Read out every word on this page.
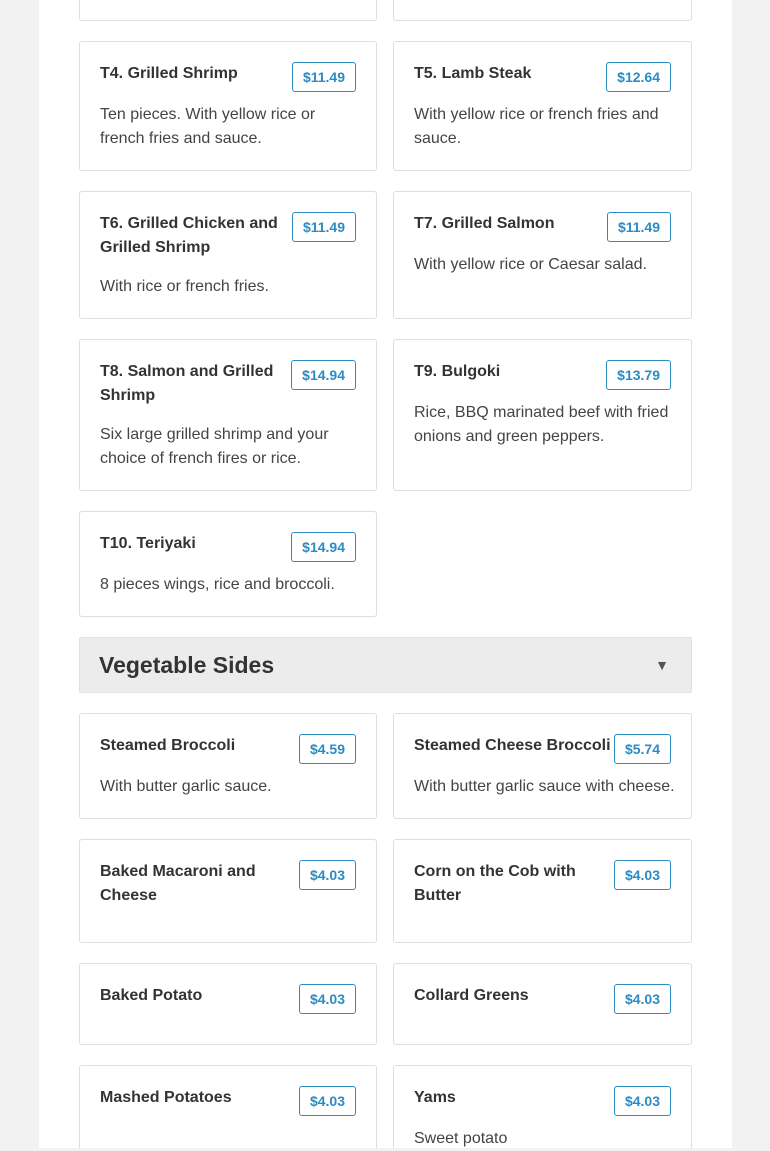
T4. Grilled Shrimp	$11.49
Ten pieces. With yellow rice or french fries and sauce.
T5. Lamb Steak	$12.64
With yellow rice or french fries and sauce.
T6. Grilled Chicken and Grilled Shrimp
$11.49
With rice or french fries.
T7. Grilled Salmon	$11.49
With yellow rice or Caesar salad.
T8. Salmon and Grilled Shrimp
$14.94
Six large grilled shrimp and your choice of french fires or rice.
T9. Bulgoki	$13.79
Rice, BBQ marinated beef with fried onions and green peppers.
T10. Teriyaki	$14.94
8 pieces wings, rice and broccoli.
Vegetable Sides	▼
Steamed Broccoli	$4.59
With butter garlic sauce.
Steamed Cheese Broccoli	$5.74
With butter garlic sauce with cheese.
Baked Macaroni and Cheese
$4.03	Corn on the Cob with Butter
$4.03
Baked Potato	$4.03	Collard Greens	$4.03
Mashed Potatoes	$4.03	Yams	$4.03
Sweet potato
